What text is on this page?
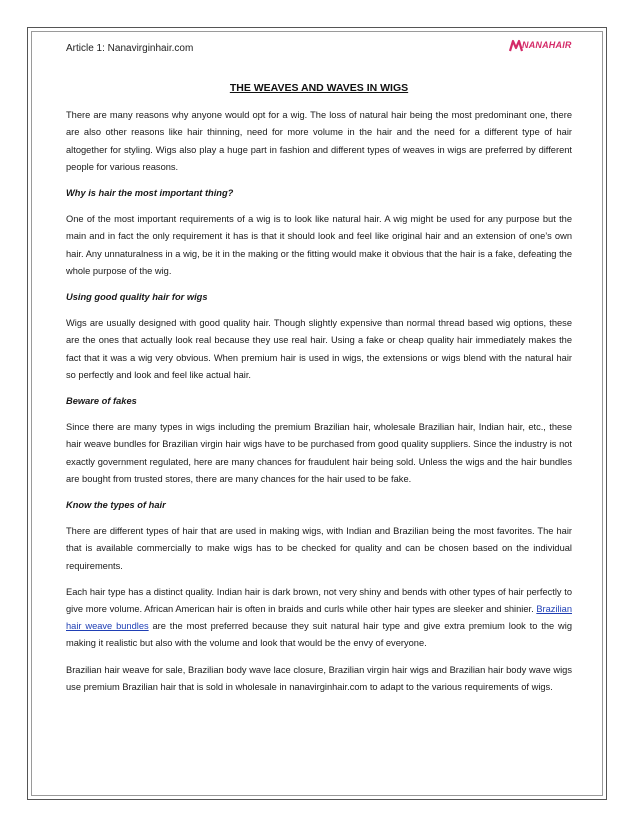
Article 1: Nanavirginhair.com	NANAHAIR
THE WEAVES AND WAVES IN WIGS

There are many reasons why anyone would opt for a wig. The loss of natural hair being the most predominant one, there are also other reasons like hair thinning, need for more volume in the hair and the need for a different type of hair altogether for styling. Wigs also play a huge part in fashion and different types of weaves in wigs are preferred by different people for various reasons.

Why is hair the most important thing?

One of the most important requirements of a wig is to look like natural hair. A wig might be used for any purpose but the main and in fact the only requirement it has is that it should look and feel like original hair and an extension of one’s own hair. Any unnaturalness in a wig, be it in the making or the fitting would make it obvious that the hair is a fake, defeating the whole purpose of the wig.

Using good quality hair for wigs

Wigs are usually designed with good quality hair. Though slightly expensive than normal thread based wig options, these are the ones that actually look real because they use real hair. Using a fake or cheap quality hair immediately makes the fact that it was a wig very obvious. When premium hair is used in wigs, the extensions or wigs blend with the natural hair so perfectly and look and feel like actual hair.

Beware of fakes

Since there are many types in wigs including the premium Brazilian hair, wholesale Brazilian hair, Indian hair, etc., these hair weave bundles for Brazilian virgin hair wigs have to be purchased from good quality suppliers. Since the industry is not exactly government regulated, here are many chances for fraudulent hair being sold. Unless the wigs and the hair bundles are bought from trusted stores, there are many chances for the hair used to be fake.

Know the types of hair

There are different types of hair that are used in making wigs, with Indian and Brazilian being the most favorites. The hair that is available commercially to make wigs has to be checked for quality and can be chosen based on the individual requirements.

Each hair type has a distinct quality. Indian hair is dark brown, not very shiny and bends with other types of hair perfectly to give more volume. African American hair is often in braids and curls while other hair types are sleeker and shinier. Brazilian hair weave bundles are the most preferred because they suit natural hair type and give extra premium look to the wig making it realistic but also with the volume and look that would be the envy of everyone.

Brazilian hair weave for sale, Brazilian body wave lace closure, Brazilian virgin hair wigs and Brazilian hair body wave wigs use premium Brazilian hair that is sold in wholesale in nanavirginhair.com to adapt to the various requirements of wigs.
